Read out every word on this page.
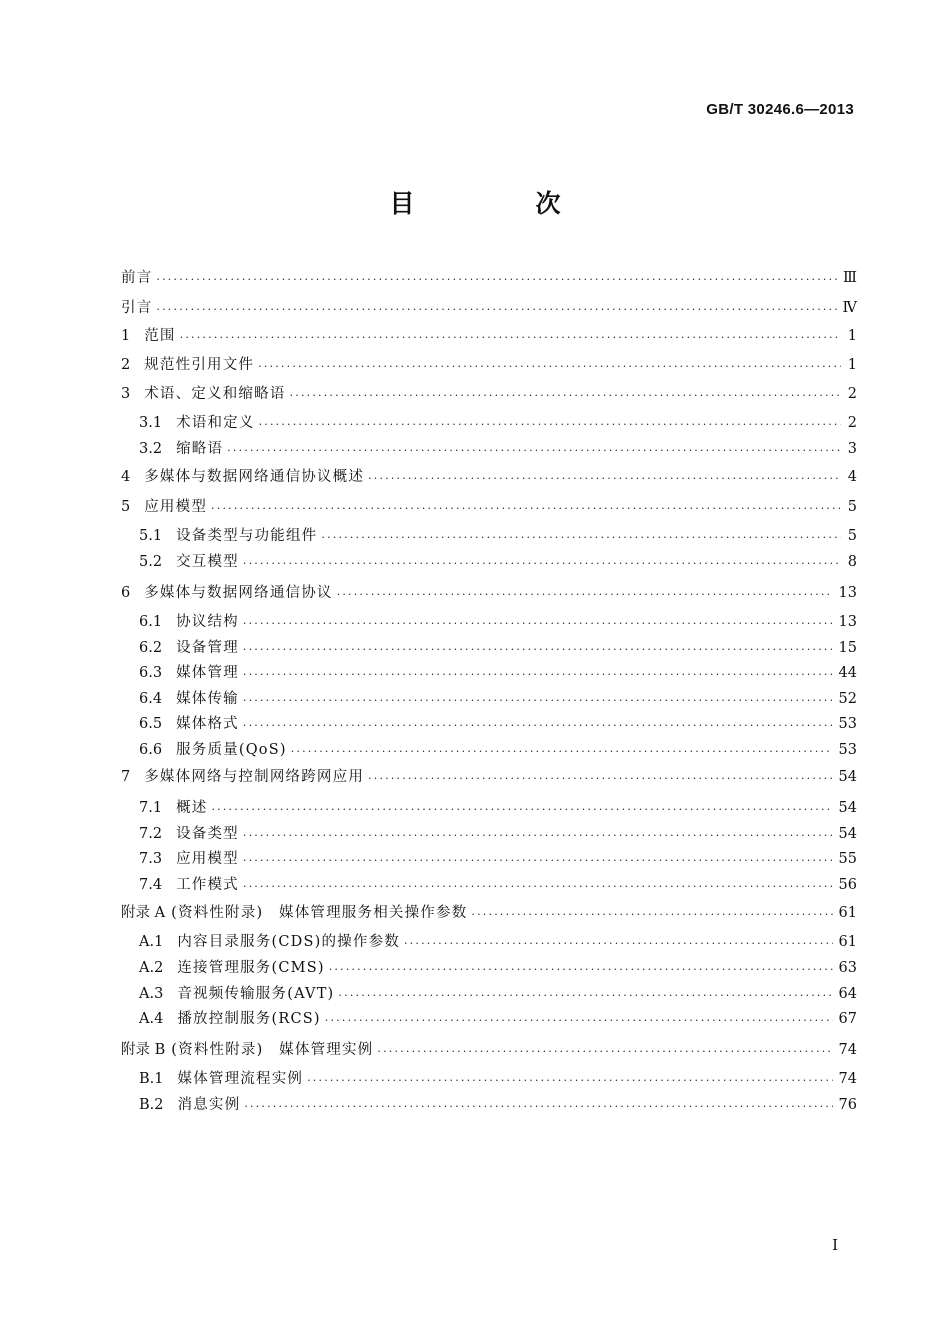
GB/T 30246.6—2013
目　次
前言 ·····	Ⅲ
引言 ·····	Ⅳ
1 范围 ·····	1
2 规范性引用文件 ·····	1
3 术语、定义和缩略语 ·····	2
3.1 术语和定义 ·····	2
3.2 缩略语 ·····	3
4 多媒体与数据网络通信协议概述 ·····	4
5 应用模型 ·····	5
5.1 设备类型与功能组件 ·····	5
5.2 交互模型 ·····	8
6 多媒体与数据网络通信协议 ·····	13
6.1 协议结构 ·····	13
6.2 设备管理 ·····	15
6.3 媒体管理 ·····	44
6.4 媒体传输 ·····	52
6.5 媒体格式 ·····	53
6.6 服务质量(QoS) ·····	53
7 多媒体网络与控制网络跨网应用 ·····	54
7.1 概述 ·····	54
7.2 设备类型 ·····	54
7.3 应用模型 ·····	55
7.4 工作模式 ·····	56
附录 A (资料性附录)　媒体管理服务相关操作参数 ·····	61
A.1 内容目录服务(CDS)的操作参数 ·····	61
A.2 连接管理服务(CMS) ·····	63
A.3 音视频传输服务(AVT) ·····	64
A.4 播放控制服务(RCS) ·····	67
附录 B (资料性附录)　媒体管理实例 ·····	74
B.1 媒体管理流程实例 ·····	74
B.2 消息实例 ·····	76
I
